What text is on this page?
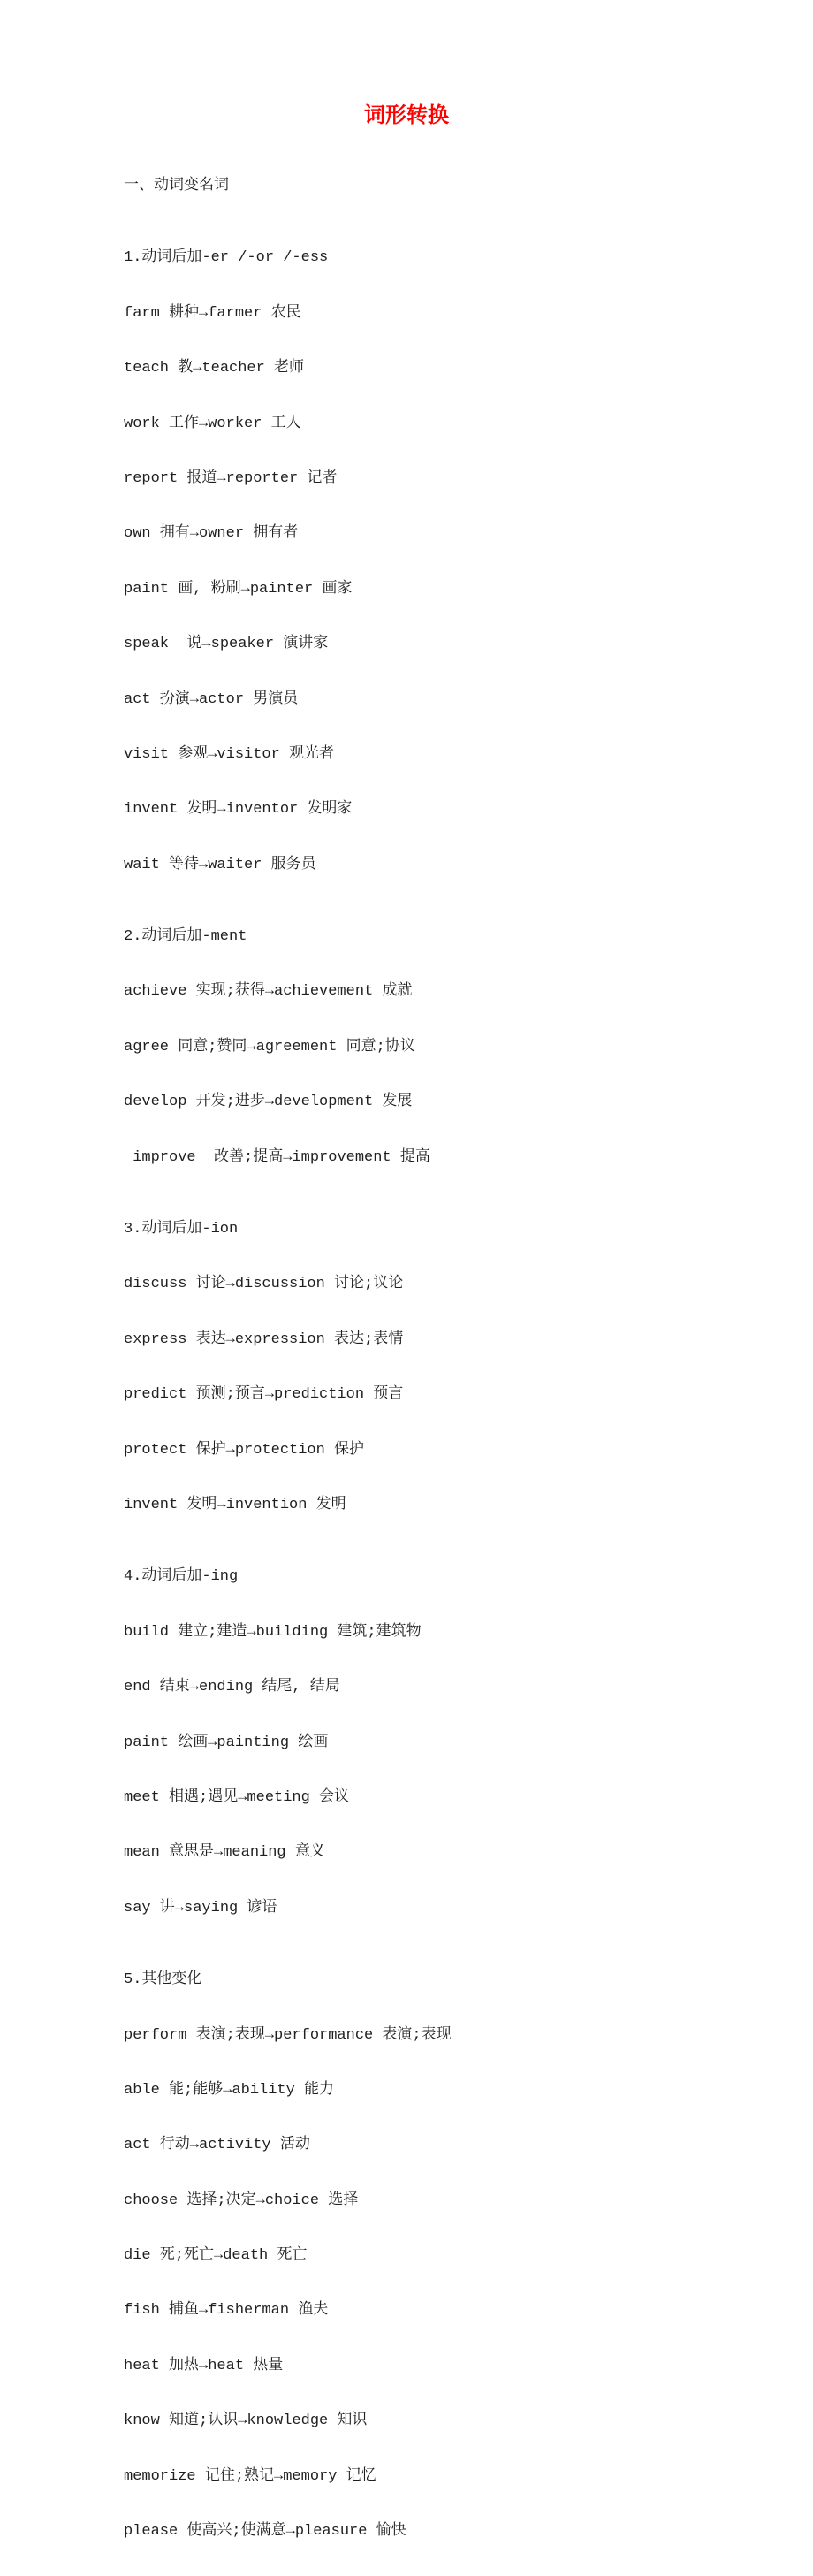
词形转换

一、动词变名词

1.动词后加-er /-or /-ess

farm 耕种→farmer 农民

teach 教→teacher 老师

work 工作→worker 工人

report 报道→reporter 记者

own 拥有→owner 拥有者

paint 画, 粉刷→painter 画家

speak  说→speaker 演讲家

act 扮演→actor 男演员

visit 参观→visitor 观光者

invent 发明→inventor 发明家

wait 等待→waiter 服务员

2.动词后加-ment

achieve 实现;获得→achievement 成就

agree 同意;赞同→agreement 同意;协议

develop 开发;进步→development 发展

improve  改善;提高→improvement 提高

3.动词后加-ion

discuss 讨论→discussion 讨论;议论

express 表达→expression 表达;表情

predict 预测;预言→prediction 预言

protect 保护→protection 保护

invent 发明→invention 发明

4.动词后加-ing

build 建立;建造→building 建筑;建筑物

end 结束→ending 结尾, 结局

paint 绘画→painting 绘画

meet 相遇;遇见→meeting 会议

mean 意思是→meaning 意义

say 讲→saying 谚语

5.其他变化

perform 表演;表现→performance 表演;表现

able 能;能够→ability 能力

act 行动→activity 活动

choose 选择;决定→choice 选择

die 死;死亡→death 死亡

fish 捕鱼→fisherman 渔夫

heat 加热→heat 热量

know 知道;认识→knowledge 知识

memorize 记住;熟记→memory 记忆

please 使高兴;使满意→pleasure 愉快
